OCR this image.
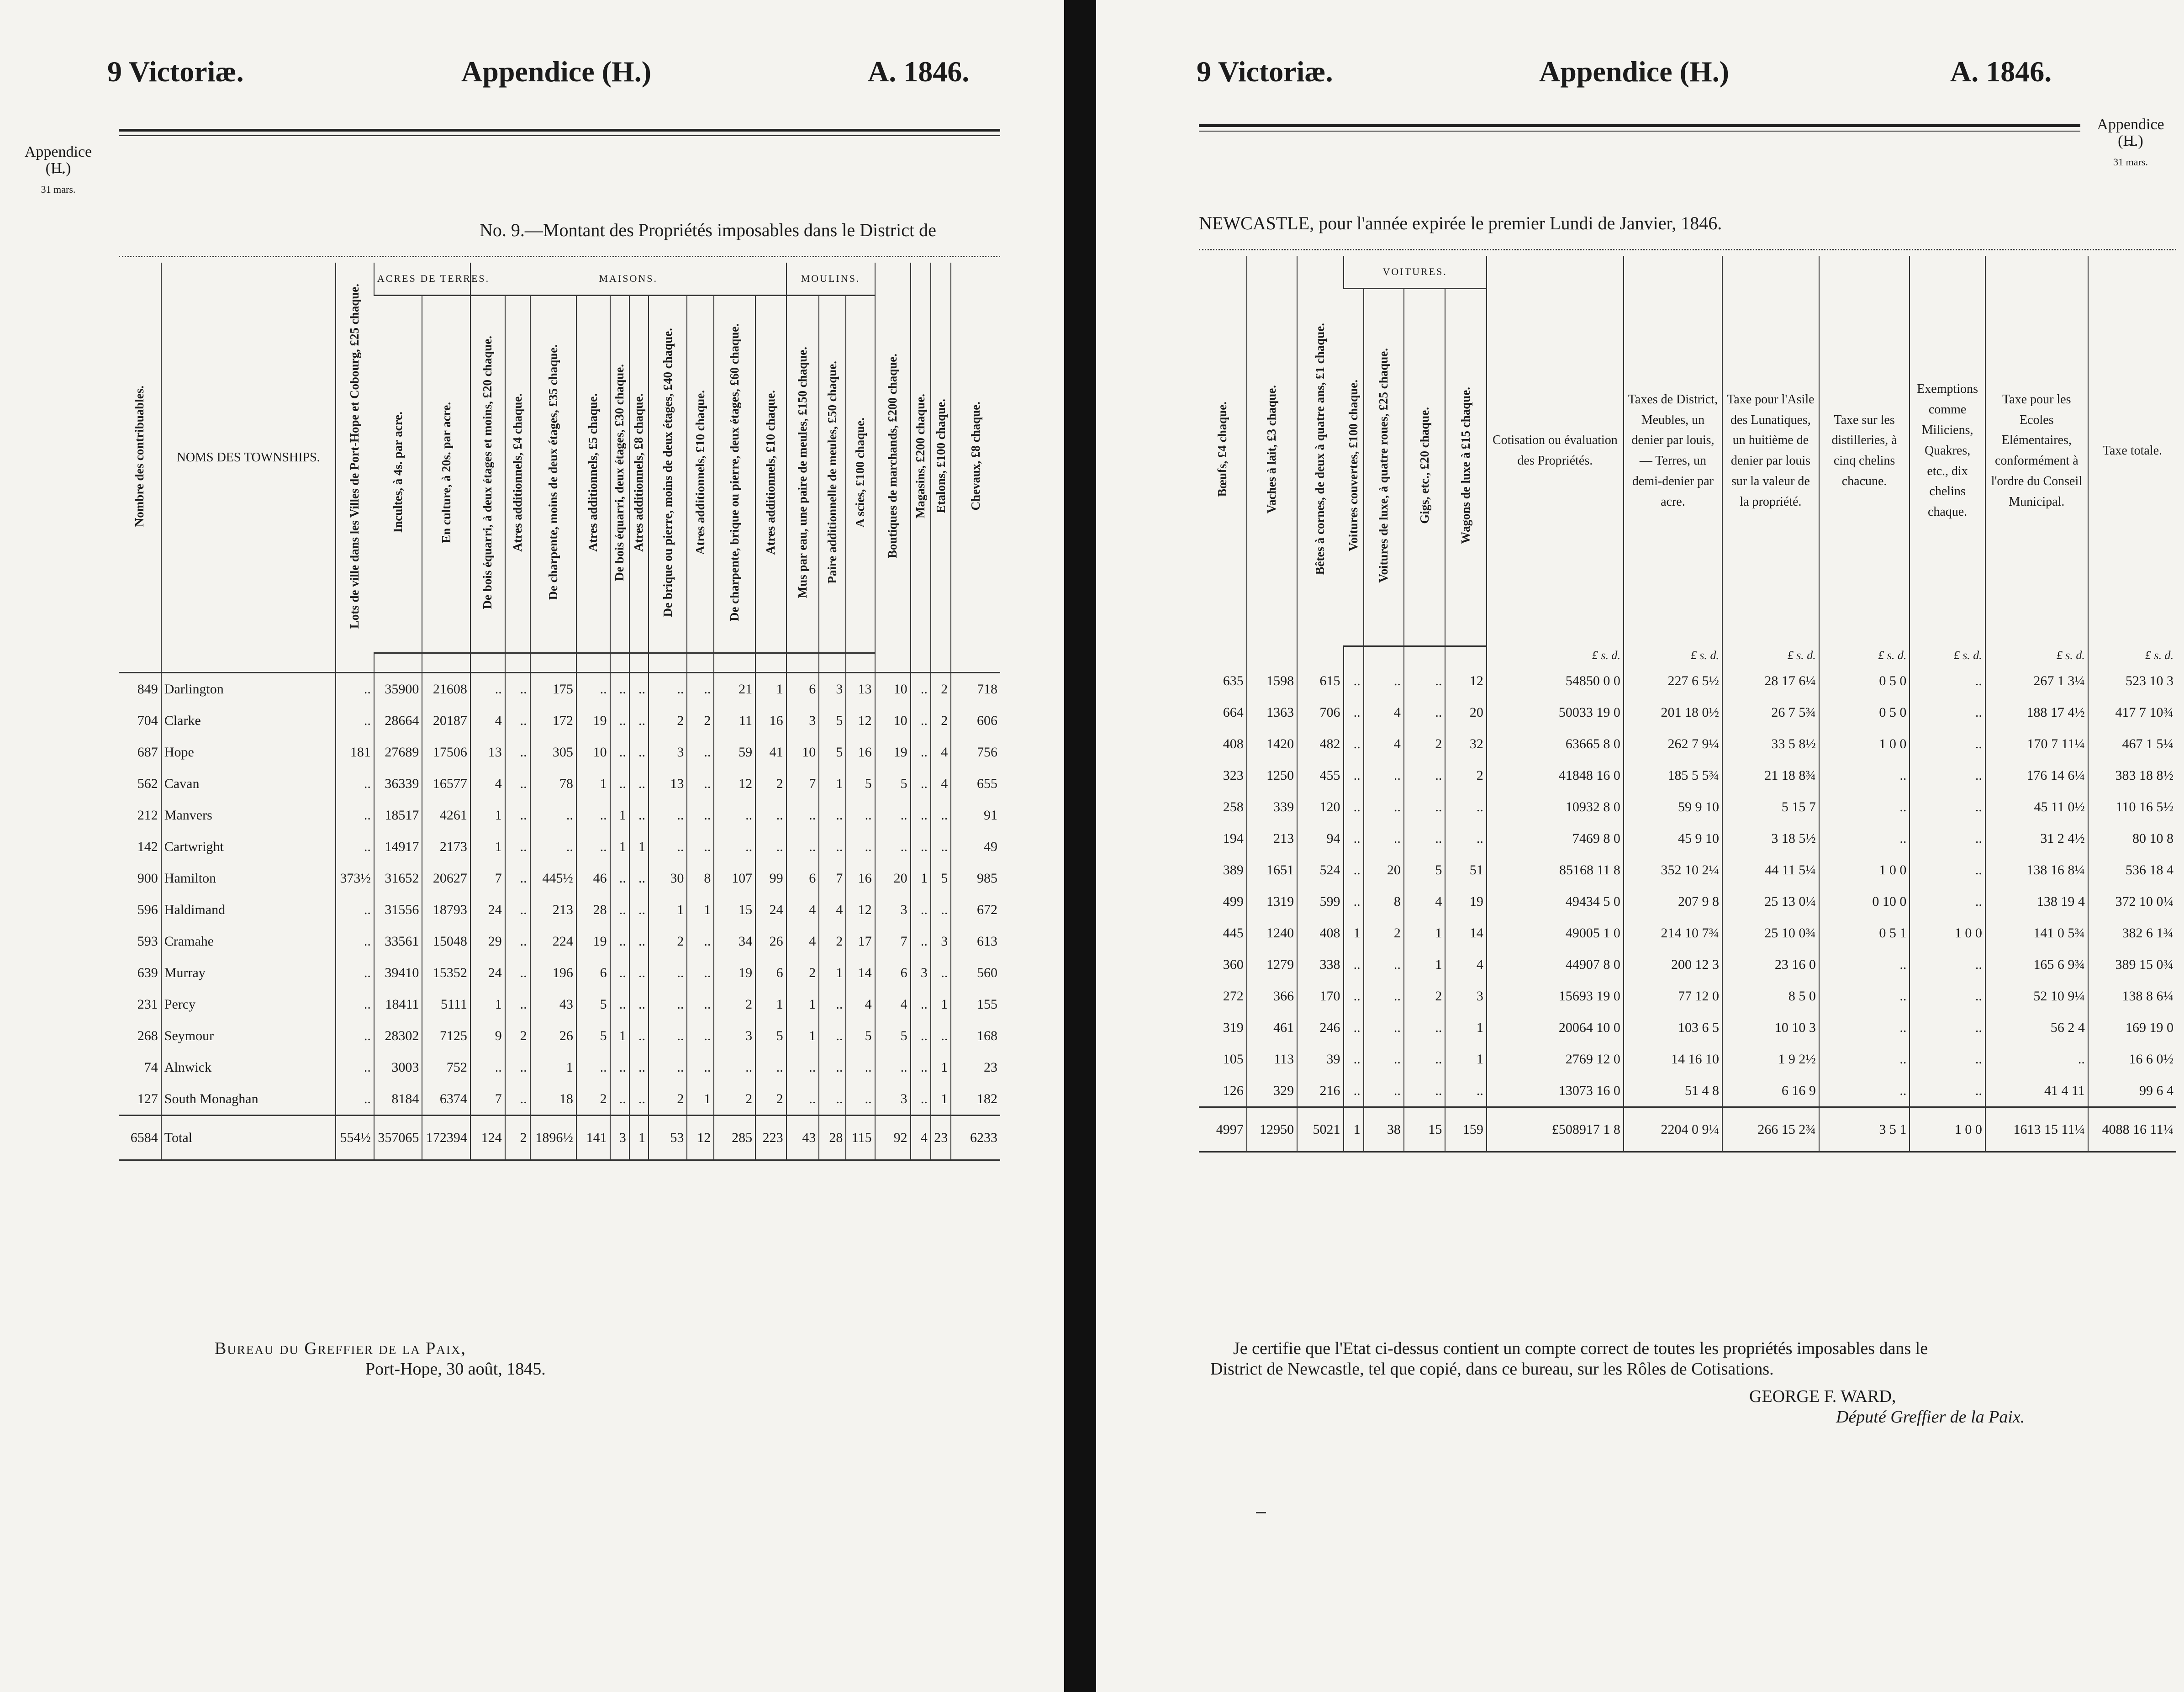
9 Victoriæ.	Appendice (H.)	A. 1846.
Appendice
(H.)
⁀
31 mars.
No. 9.—Montant des Propriétés imposables dans le District de
Nombre des contribuables.	NOMS DES TOWNSHIPS.	Lots de ville dans les Villes de Port-Hope et Cobourg, £25 chaque.	ACRES DE TERRES.		MAISONS.										MOULINS.			Boutiques de marchands, £200 chaque.	Magasins, £200 chaque.	Etalons, £100 chaque.	Chevaux, £8 chaque.
			Incultes, à 4s. par acre.	En culture, à 20s. par acre.	De bois équarri, à deux étages et moins, £20 chaque.	Atres additionnels, £4 chaque.	De charpente, moins de deux étages, £35 chaque.	Atres additionnels, £5 chaque.	De bois équarri, deux étages, £30 chaque.	Atres additionnels, £8 chaque.	De brique ou pierre, moins de deux étages, £40 chaque.	Atres additionnels, £10 chaque.	De charpente, brique ou pierre, deux étages, £60 chaque.	Atres additionnels, £10 chaque.	Mus par eau, une paire de meules, £150 chaque.	Paire additionnelle de meules, £50 chaque.	A scies, £100 chaque.				

849	Darlington	..	35900	21608	..	..	175	..	..	..	..	..	21	1	6	3	13	10	..	2	718
704	Clarke	..	28664	20187	4	..	172	19	..	..	2	2	11	16	3	5	12	10	..	2	606
687	Hope	181	27689	17506	13	..	305	10	..	..	3	..	59	41	10	5	16	19	..	4	756
562	Cavan	..	36339	16577	4	..	78	1	..	..	13	..	12	2	7	1	5	5	..	4	655
212	Manvers	..	18517	4261	1	..	..	..	1	..	..	..	..	..	..	..	..	..	..	..	91
142	Cartwright	..	14917	2173	1	..	..	..	1	1	..	..	..	..	..	..	..	..	..	..	49
900	Hamilton	373½	31652	20627	7	..	445½	46	..	..	30	8	107	99	6	7	16	20	1	5	985
596	Haldimand	..	31556	18793	24	..	213	28	..	..	1	1	15	24	4	4	12	3	..	..	672
593	Cramahe	..	33561	15048	29	..	224	19	..	..	2	..	34	26	4	2	17	7	..	3	613
639	Murray	..	39410	15352	24	..	196	6	..	..	..	..	19	6	2	1	14	6	3	..	560
231	Percy	..	18411	5111	1	..	43	5	..	..	..	..	2	1	1	..	4	4	..	1	155
268	Seymour	..	28302	7125	9	2	26	5	1	..	..	..	3	5	1	..	5	5	..	..	168
74	Alnwick	..	3003	752	..	..	1	..	..	..	..	..	..	..	..	..	..	..	..	1	23
127	South Monaghan	..	8184	6374	7	..	18	2	..	..	2	1	2	2	..	..	..	3	..	1	182
6584	Total	554½	357065	172394	124	2	1896½	141	3	1	53	12	285	223	43	28	115	92	4	23	6233
Bureau du Greffier de la Paix,
Port-Hope, 30 août, 1845.
9 Victoriæ.	Appendice (H.)	A. 1846.
Appendice
(H.)
⁀
31 mars.
NEWCASTLE, pour l'année expirée le premier Lundi de Janvier, 1846.
Bœufs, £4 chaque.	Vaches à lait, £3 chaque.	Bêtes à cornes, de deux à quatre ans, £1 chaque.	VOITURES.				Cotisation ou évaluation des Propriétés.	Taxes de District, Meubles, un denier par louis,— Terres, un demi-denier par acre.	Taxe pour l'Asile des Lunatiques, un huitième de denier par louis sur la valeur de la propriété.	Taxe sur les distilleries, à cinq chelins chacune.	Exemptions comme Miliciens, Quakres, etc., dix chelins chaque.	Taxe pour les Ecoles Elémentaires, conformément à l'ordre du Conseil Municipal.	Taxe totale.
			Voitures couvertes, £100 chaque.	Voitures de luxe, à quatre roues, £25 chaque.	Gigs, etc., £20 chaque.	Wagons de luxe à £15 chaque.							
							£ s. d.	£ s. d.	£ s. d.	£ s. d.	£ s. d.	£ s. d.	£ s. d.
635	1598	615	..	..	..	12	54850 0 0	227 6 5½	28 17 6¼	0 5 0	..	267 1 3¼	523 10 3
664	1363	706	..	4	..	20	50033 19 0	201 18 0½	26 7 5¾	0 5 0	..	188 17 4½	417 7 10¾
408	1420	482	..	4	2	32	63665 8 0	262 7 9¼	33 5 8½	1 0 0	..	170 7 11¼	467 1 5¼
323	1250	455	..	..	..	2	41848 16 0	185 5 5¾	21 18 8¾	..	..	176 14 6¼	383 18 8½
258	339	120	..	..	..	..	10932 8 0	59 9 10	5 15 7	..	..	45 11 0½	110 16 5½
194	213	94	..	..	..	..	7469 8 0	45 9 10	3 18 5½	..	..	31 2 4½	80 10 8
389	1651	524	..	20	5	51	85168 11 8	352 10 2¼	44 11 5¼	1 0 0	..	138 16 8¼	536 18 4
499	1319	599	..	8	4	19	49434 5 0	207 9 8	25 13 0¼	0 10 0	..	138 19 4	372 10 0¼
445	1240	408	1	2	1	14	49005 1 0	214 10 7¾	25 10 0¾	0 5 1	1 0 0	141 0 5¾	382 6 1¾
360	1279	338	..	..	1	4	44907 8 0	200 12 3	23 16 0	..	..	165 6 9¾	389 15 0¾
272	366	170	..	..	2	3	15693 19 0	77 12 0	8 5 0	..	..	52 10 9¼	138 8 6¼
319	461	246	..	..	..	1	20064 10 0	103 6 5	10 10 3	..	..	56 2 4	169 19 0
105	113	39	..	..	..	1	2769 12 0	14 16 10	1 9 2½	..	..	..	16 6 0½
126	329	216	..	..	..	..	13073 16 0	51 4 8	6 16 9	..	..	41 4 11	99 6 4
4997	12950	5021	1	38	15	159	£508917 1 8	2204 0 9¼	266 15 2¾	3 5 1	1 0 0	1613 15 11¼	4088 16 11¼
Je certifie que l'Etat ci-dessus contient un compte correct de toutes les propriétés imposables dans le
District de Newcastle, tel que copié, dans ce bureau, sur les Rôles de Cotisations.
GEORGE F. WARD,
Député Greffier de la Paix.
